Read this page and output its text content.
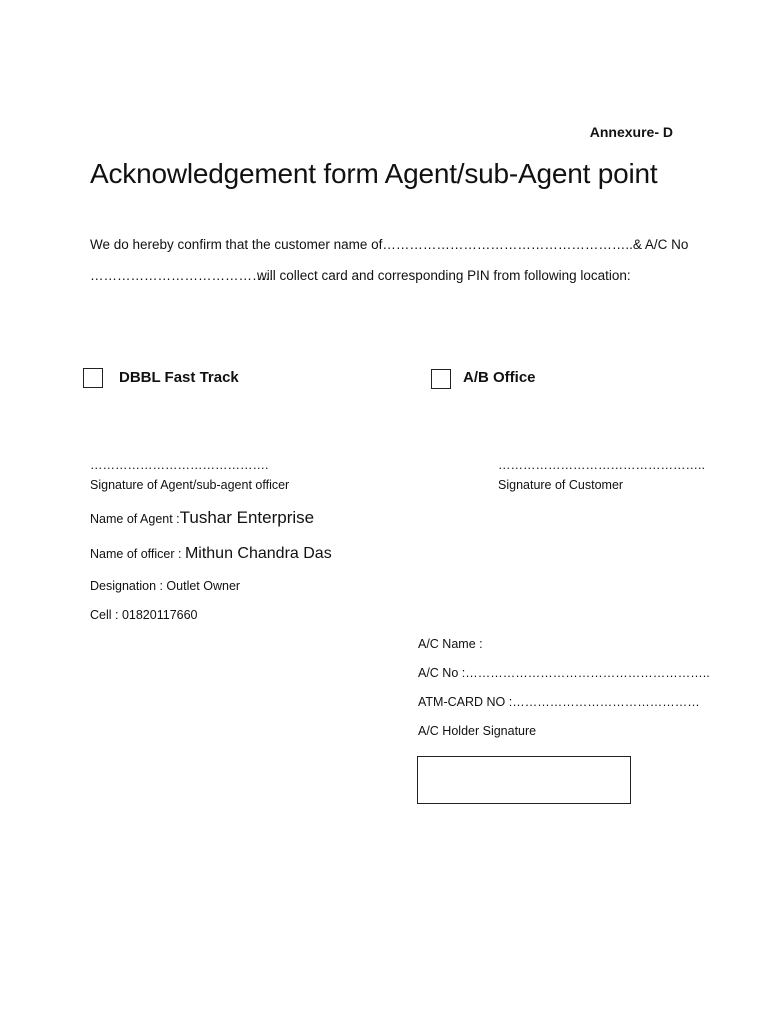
Annexure- D
Acknowledgement form Agent/sub-Agent point
We do hereby confirm that the customer name of………………………………………………..& A/C No
…………………………………..
will collect card and corresponding PIN from following location:
DBBL Fast Track	A/B Office
…………………………………….
Signature of Agent/sub-agent officer
…………………………………………..
Signature of Customer
Name of Agent :Tushar Enterprise
Name of officer : Mithun Chandra Das
Designation : Outlet Owner
Cell : 01820117660
A/C Name :
A/C No :…………………………………………………..
ATM-CARD NO :………………………………………
A/C Holder Signature
